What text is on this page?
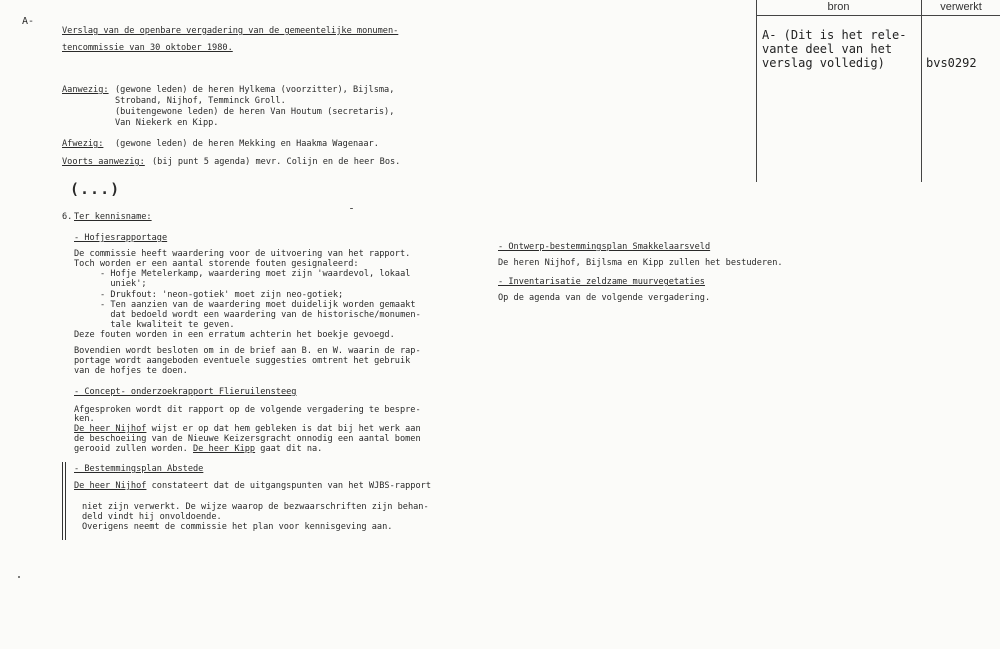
A-
Verslag van de openbare vergadering van de gemeentelijke monumen-
tencommissie van 30 oktober 1980.
Aanwezig: (gewone leden) de heren Hylkema (voorzitter), Bijlsma,
Stroband, Nijhof, Temminck Groll.
(buitengewone leden) de heren Van Houtum (secretaris),
Van Niekerk en Kipp.
Afwezig: (gewone leden) de heren Mekking en Haakma Wagenaar.
Voorts aanwezig: (bij punt 5 agenda) mevr. Colijn en de heer Bos.
(...)
6. Ter kennisname:
- Hofjesrapportage
De commissie heeft waardering voor de uitvoering van het rapport.
Toch worden er een aantal storende fouten gesignaleerd:
- Hofje Metelerkamp, waardering moet zijn 'waardevol, lokaal
uniek';
- Drukfout: 'neon-gotiek' moet zijn neo-gotiek;
- Ten aanzien van de waardering moet duidelijk worden gemaakt
dat bedoeld wordt een waardering van de historische/monumen-
tale kwaliteit te geven.
Deze fouten worden in een erratum achterin het boekje gevoegd.
Bovendien wordt besloten om in de brief aan B. en W. waarin de rap-
portage wordt aangeboden eventuele suggesties omtrent het gebruik
van de hofjes te doen.
- Concept- onderzoekrapport Flieruilensteeg
Afgesproken wordt dit rapport op de volgende vergadering te bespre-
ken.
De heer Nijhof wijst er op dat hem gebleken is dat bij het werk aan
de beschoeiing van de Nieuwe Keizersgracht onnodig een aantal bomen
gerooid zullen worden. De heer Kipp gaat dit na.
- Bestemmingsplan Abstede
De heer Nijhof constateert dat de uitgangspunten van het WJBS-rapport
niet zijn verwerkt. De wijze waarop de bezwaarschriften zijn behan-
deld vindt hij onvoldoende.
Overigens neemt de commissie het plan voor kennisgeving aan.
- Ontwerp-bestemmingsplan Smakkelaarsveld
De heren Nijhof, Bijlsma en Kipp zullen het bestuderen.
- Inventarisatie zeldzame muurvegetaties
Op de agenda van de volgende vergadering.
bron	verwerkt
A- (Dit is het rele-
vante deel van het
verslag volledig)	bvs0292
